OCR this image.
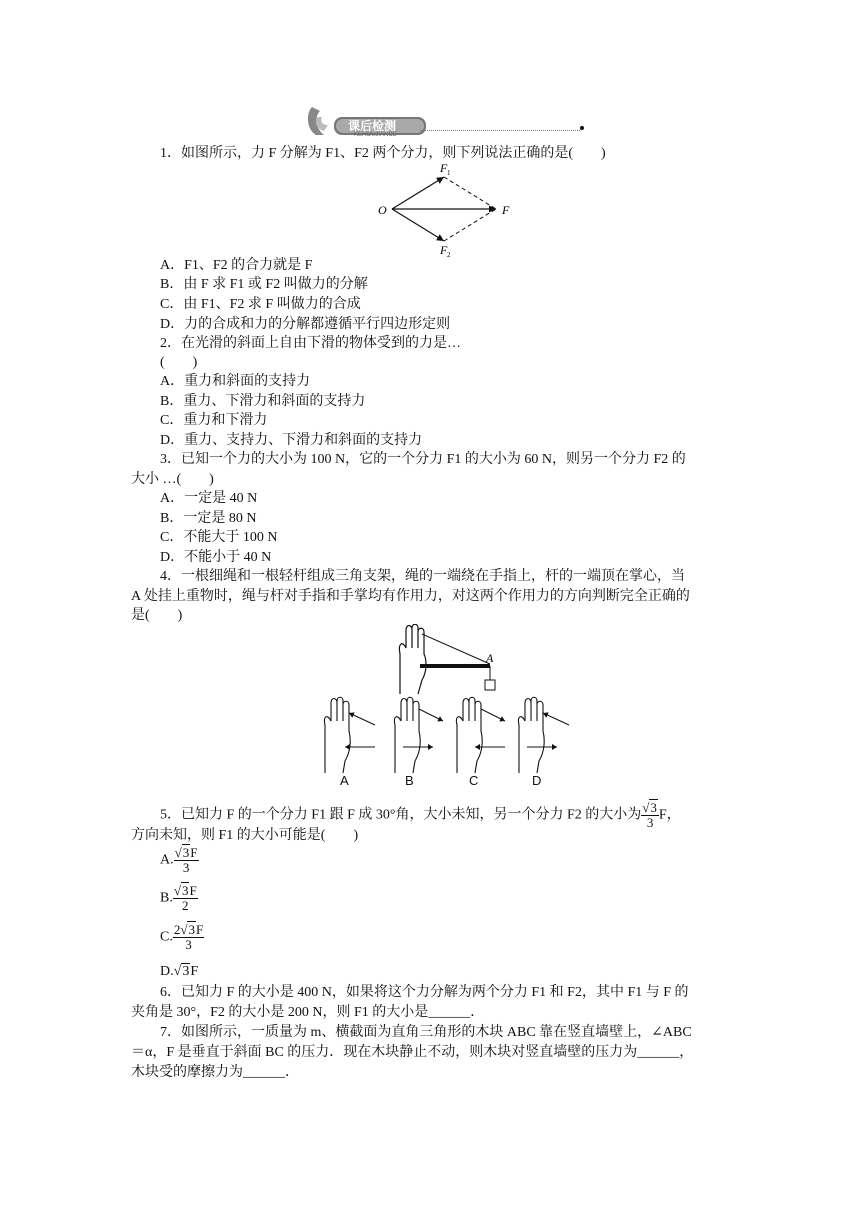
课后检测
KEHOUJIANCE
1．如图所示，力 F 分解为 F1、F2 两个分力，则下列说法正确的是(　　)
O	F
F 1
F 2
A．F1、F2 的合力就是 F
B．由 F 求 F1 或 F2 叫做力的分解
C．由 F1、F2 求 F 叫做力的合成
D．力的合成和力的分解都遵循平行四边形定则
2．在光滑的斜面上自由下滑的物体受到的力是…
(　　)
A．重力和斜面的支持力
B．重力、下滑力和斜面的支持力
C．重力和下滑力
D．重力、支持力、下滑力和斜面的支持力
3．已知一个力的大小为 100 N，它的一个分力 F1 的大小为 60 N，则另一个分力 F2 的
大小 …(　　)
A．一定是 40 N
B．一定是 80 N
C．不能大于 100 N
D．不能小于 40 N
4．一根细绳和一根轻杆组成三角支架，绳的一端绕在手指上，杆的一端顶在掌心，当
A 处挂上重物时，绳与杆对手指和手掌均有作用力，对这两个作用力的方向判断完全正确的
是(　　)
A
A	B	C	D
5．已知力 F 的一个分力 F1 跟 F 成 30°角，大小未知，另一个分力 F2 的大小为 $\frac{√3}{3}$ F，
方向未知，则 F1 的大小可能是(　　)
A. $\frac{√3F}{3}$
B. $\frac{√3F}{2}$
C. $\frac{2√3F}{3}$
D.√3F
6．已知力 F 的大小是 400 N，如果将这个力分解为两个分力 F1 和 F2，其中 F1 与 F 的
夹角是 30°，F2 的大小是 200 N，则 F1 的大小是______．
7．如图所示，一质量为 m、横截面为直角三角形的木块 ABC 靠在竖直墙壁上，∠ABC
＝α，F 是垂直于斜面 BC 的压力．现在木块静止不动，则木块对竖直墙壁的压力为______，
木块受的摩擦力为______．
